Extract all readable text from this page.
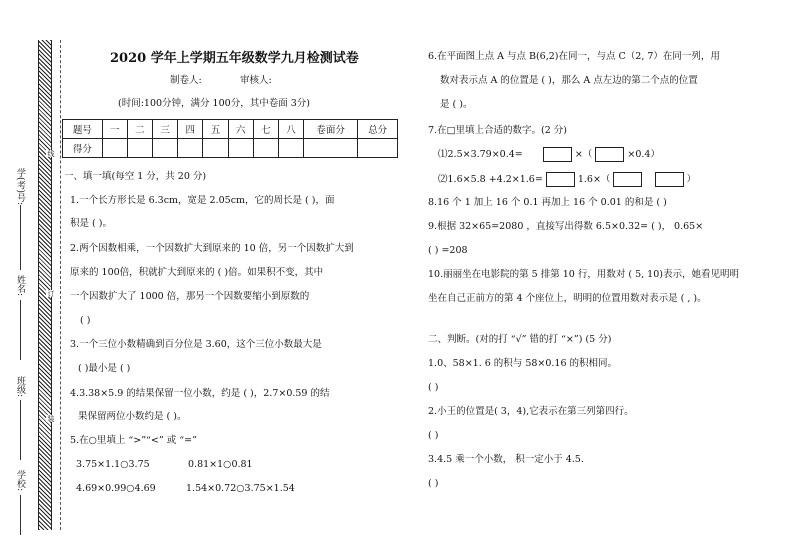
线
订
装
学(考)号:
姓名:
班级:
学校:
2020 学年上学期五年级数学九月检测试卷
制卷人:	审核人:
(时间:100分钟，满分 100分，其中卷面 3分)
题号	一	二	三	四	五	六	七	八	卷面分	总分
得分										
一、填一填(每空 1 分，共 20 分)
1.一个长方形长是 6.3cm，宽是 2.05cm，它的周长是 ( )，面
积是 ( )。
2.两个因数相乘，一个因数扩大到原来的 10 倍，另一个因数扩大到
原来的 100倍，积就扩大到原来的 ( )倍。如果积不变，其中
一个因数扩大了 1000 倍，那另一个因数要缩小到原数的
( )
3.一个三位小数精确到百分位是 3.60，这个三位小数最大是
( )最小是 ( )
4.3.38×5.9 的结果保留一位小数，约是 ( )，2.7×0.59 的结
果保留两位小数约是 ( )。
5.在○里填上 “>”“<” 或 “=”
3.75×1.1○3.75	0.81×1○0.81
4.69×0.99○4.69	1.54×0.72○3.75×1.54
6.在平面图上点 A 与点 B(6,2)在同一，与点 C（2, 7）在同一列，用
数对表示点 A 的位置是 ( )，那么 A 点左边的第二个点的位置
是 ( )。
7.在□里填上合适的数字。(2 分)
⑴2.5×3.79×0.4=	×（	×0.4）
⑵1.6×5.8 +4.2×1.6=	1.6×（	）
8.16 个 1 加上 16 个 0.1 再加上 16 个 0.01 的和是 ( )
9.根据 32×65=2080 ，直接写出得数 6.5×0.32= ( )， 0.65×
( ) =208
10.丽丽坐在电影院的第 5 排第 10 行，用数对 ( 5, 10)表示，她看见明明
坐在自己正前方的第 4 个座位上，明明的位置用数对表示是 ( , )。
二、判断。(对的打 “√” 错的打 “×”) (5 分)
1.0、58×1. 6 的积与 58×0.16 的积相同。
( )
2.小王的位置是( 3，4),它表示在第三列第四行。
( )
3.4.5 乘一个小数， 积一定小于 4.5.
( )
